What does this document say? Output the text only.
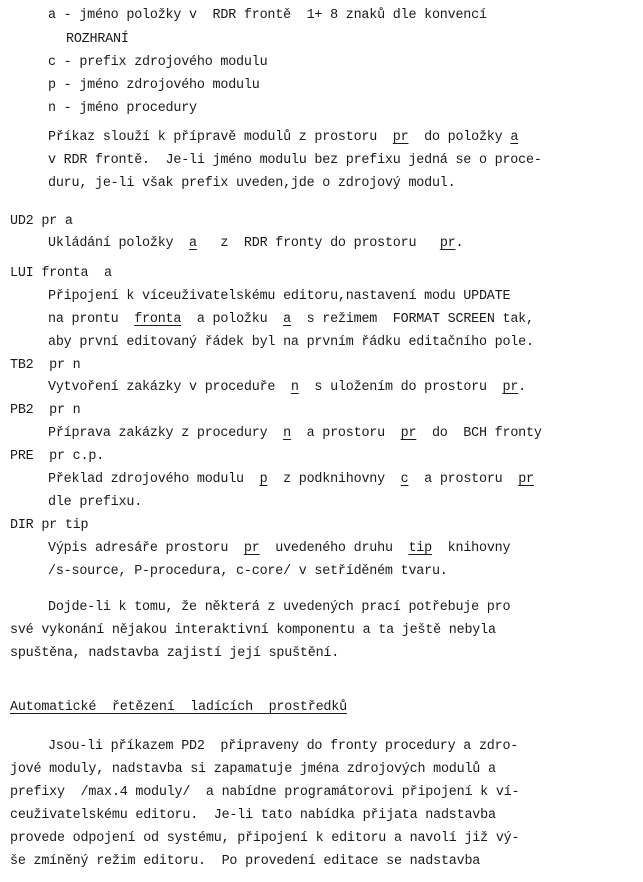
a - jméno položky v  RDR frontě  1+ 8 znaků dle konvencí
ROZHRANÍ
c - prefix zdrojového modulu
p - jméno zdrojového modulu
n - jméno procedury
Příkaz slouží k přípravě modulů z prostoru  pr  do položky a
v RDR frontě.  Je-li jméno modulu bez prefixu jedná se o proce-
duru, je-li však prefix uveden,jde o zdrojový modul.
UD2 pr a
Ukládání položky  a   z  RDR fronty do prostoru   pr.
LUI fronta  a
Připojení k víceuživatelskému editoru,nastavení modu UPDATE
na prontu  fronta  a položku  a  s režimem  FORMAT SCREEN tak,
aby první editovaný řádek byl na prvním řádku editačního pole.
TB2  pr n
Vytvoření zakázky v proceduře  n  s uložením do prostoru  pr.
PB2  pr n
Příprava zakázky z procedury  n  a prostoru  pr  do  BCH fronty
PRE  pr c.p.
Překlad zdrojového modulu  p  z podknihovny  c  a prostoru  pr
dle prefixu.
DIR pr tip
Výpis adresáře prostoru  pr  uvedeného druhu  tip  knihovny
/s-source, P-procedura, c-core/ v setříděném tvaru.
Dojde-li k tomu, že některá z uvedených prací potřebuje pro
své vykonání nějakou interaktivní komponentu a ta ještě nebyla
spuštěna, nadstavba zajistí její spuštění.
Automatické  řetězení  ladících  prostředků
Jsou-li příkazem PD2  připraveny do fronty procedury a zdro-
jové moduly, nadstavba si zapamatuje jména zdrojových modulů a
prefixy  /max.4 moduly/  a nabídne programátorovi připojení k ví-
ceuživatelskému editoru.  Je-li tato nabídka přijata nadstavba
provede odpojení od systému, připojení k editoru a navolí již vý-
še zmíněný režim editoru.  Po provedení editace se nadstavba
